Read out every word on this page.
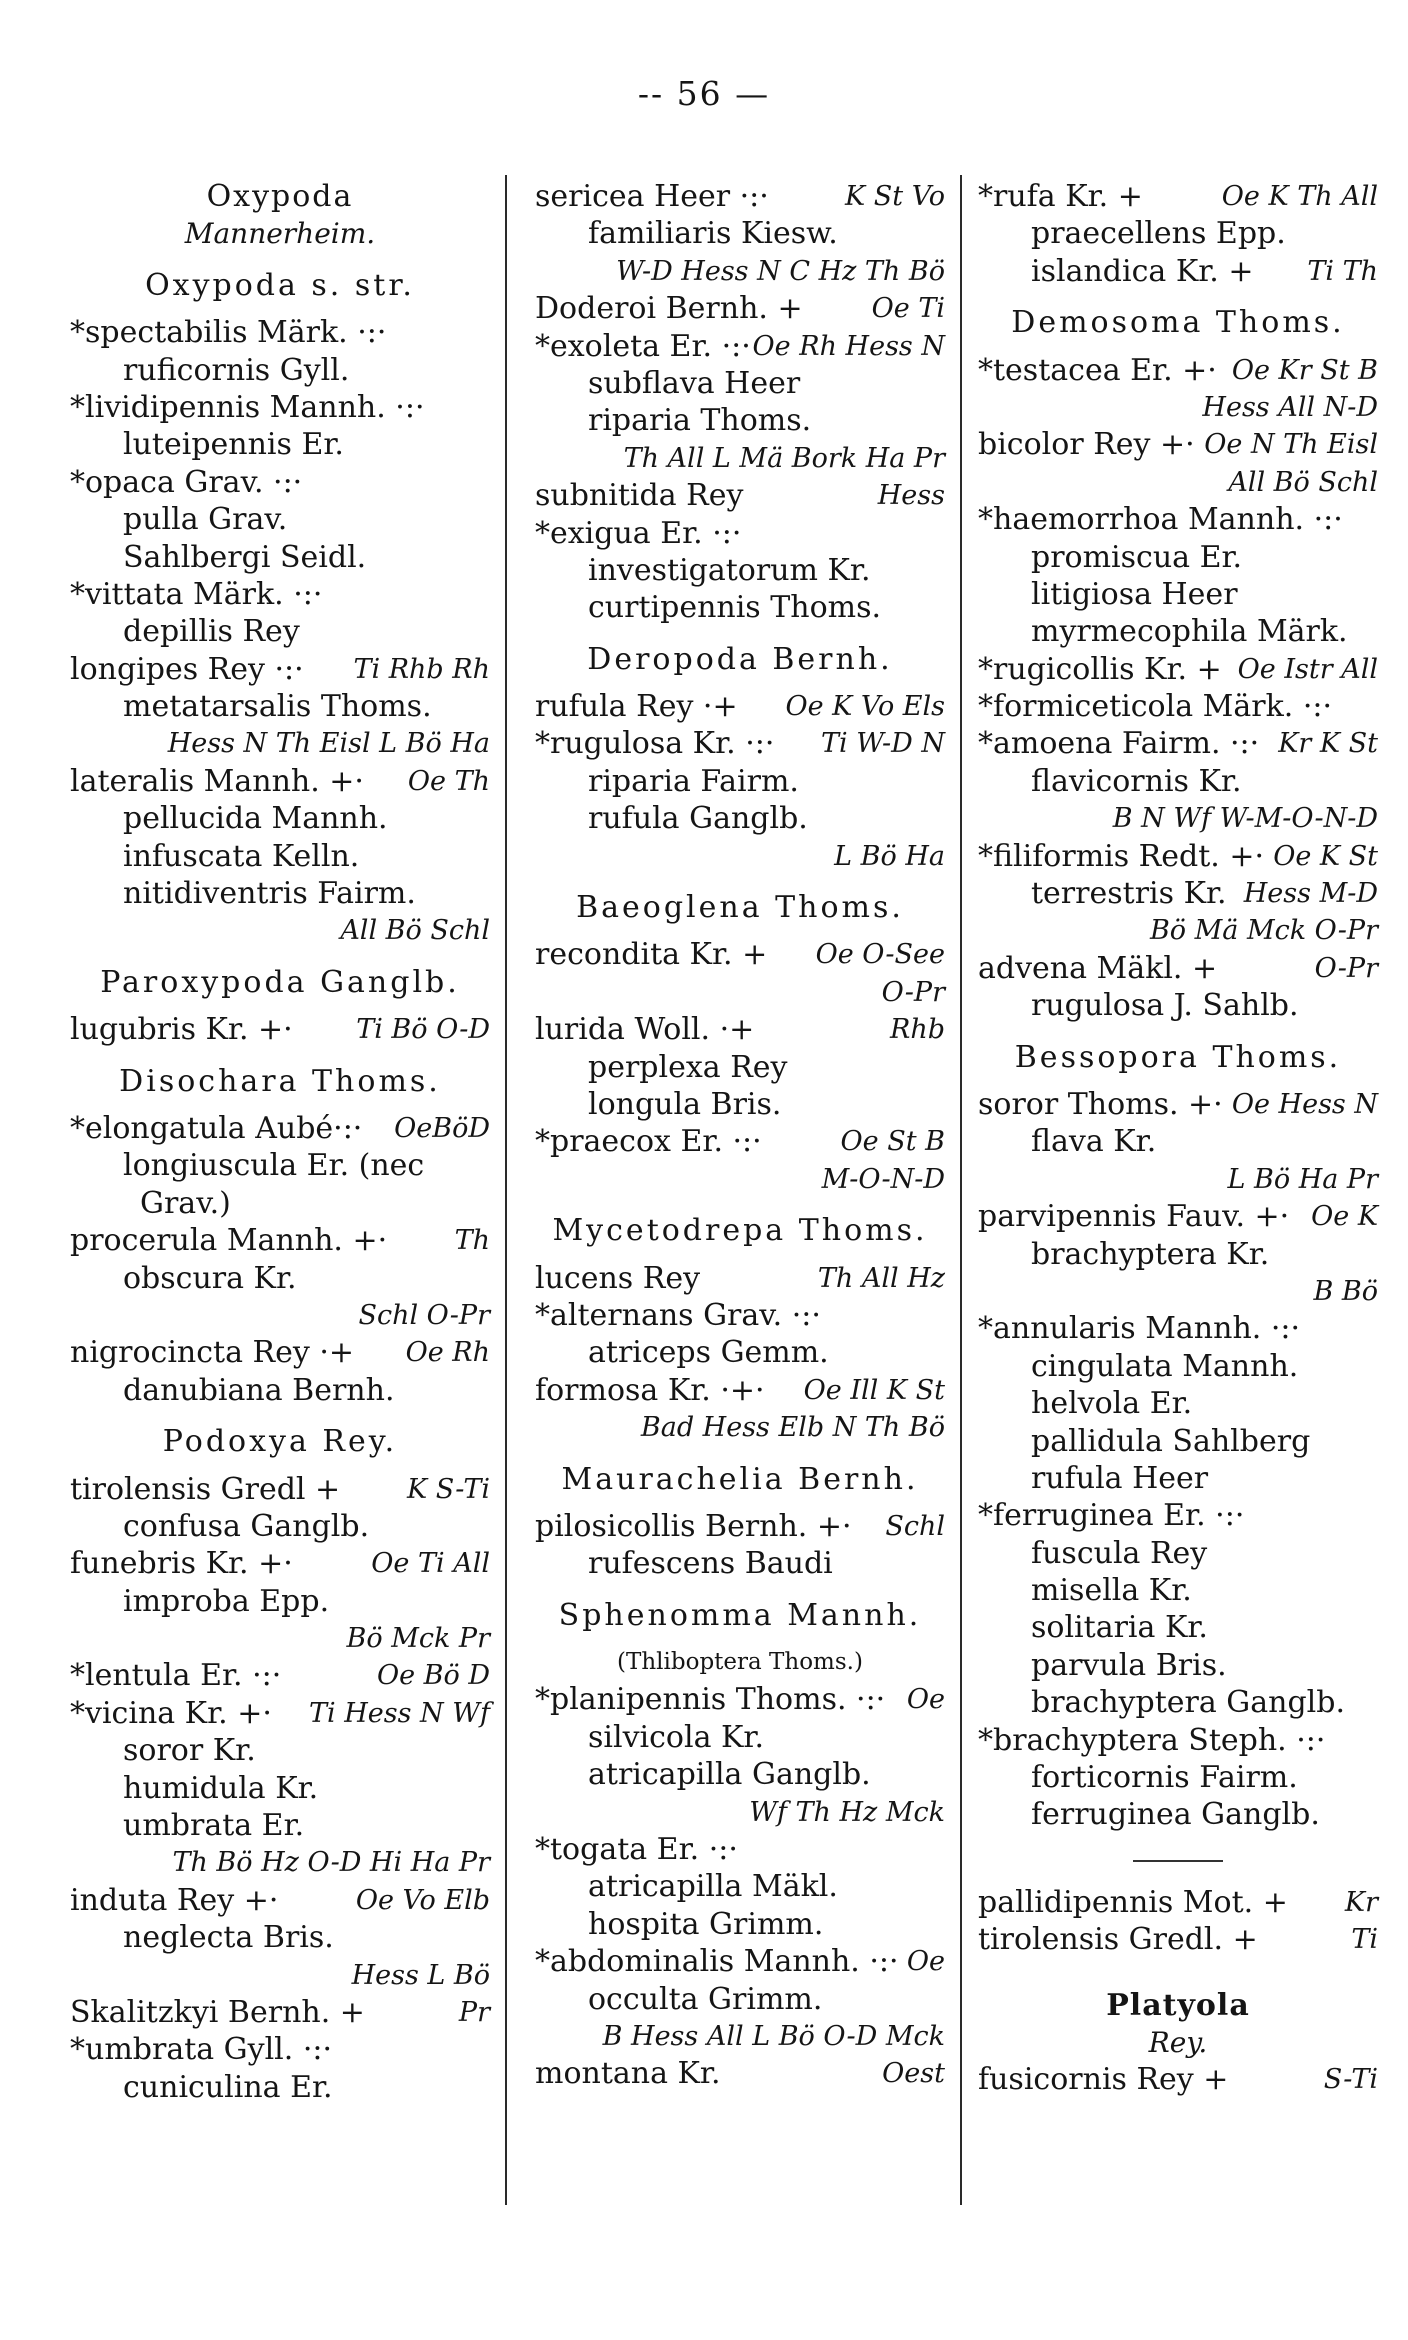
-- 56 —
Oxypoda
Mannerheim.
Oxypoda s. str.
*spectabilis Märk. ·:·
ruficornis Gyll.
*lividipennis Mannh. ·:·
luteipennis Er.
*opaca Grav. ·:·
pulla Grav.
Sahlbergi Seidl.
*vittata Märk. ·:·
depillis Rey
longipes Rey ·:· Ti Rhb Rh
metatarsalis Thoms.
Hess N Th Eisl L Bö Ha
lateralis Mannh. +· Oe Th
pellucida Mannh.
infuscata Kelln.
nitidiventris Fairm.
All Bö Schl
Paroxypoda Ganglb.
lugubris Kr. +· Ti Bö O-D
Disochara Thoms.
*elongatula Aubé·:· OeBöD
longiuscula Er. (nec
Grav.)
procerula Mannh. +· Th
obscura Kr.
Schl O-Pr
nigrocincta Rey ·+ Oe Rh
danubiana Bernh.
Podoxya Rey.
tirolensis Gredl + K S-Ti
confusa Ganglb.
funebris Kr. +·	Oe Ti All
improba Epp.
Bö Mck Pr
*lentula Er. ·:·	Oe Bö D
*vicina Kr. +· Ti Hess N Wf
soror Kr.
humidula Kr.
umbrata Er.
Th Bö Hz O-D Hi Ha Pr
induta Rey +·	Oe Vo Elb
neglecta Bris.
Hess L Bö
Skalitzkyi Bernh. +	Pr
*umbrata Gyll. ·:·
cuniculina Er.
sericea Heer ·:·	K St Vo
familiaris Kiesw.
W-D Hess N C Hz Th Bö
Doderoi Bernh. +	Oe Ti
*exoleta Er. ·:· Oe Rh Hess N
subflava Heer
riparia Thoms.
Th All L Mä Bork Ha Pr
subnitida Rey	Hess
*exigua Er. ·:·
investigatorum Kr.
curtipennis Thoms.
Deropoda Bernh.
rufula Rey ·+ Oe K Vo Els
*rugulosa Kr. ·:· Ti W-D N
riparia Fairm.
rufula Ganglb.
L Bö Ha
Baeoglena Thoms.
recondita Kr. + Oe O-See
O-Pr
lurida Woll. ·+	Rhb
perplexa Rey
longula Bris.
*praecox Er. ·:·	Oe St B
M-O-N-D
Mycetodrepa Thoms.
lucens Rey	Th All Hz
*alternans Grav. ·:·
atriceps Gemm.
formosa Kr. ·+· Oe Ill K St
Bad Hess Elb N Th Bö
Maurachelia Bernh.
pilosicollis Bernh. +· Schl
rufescens Baudi
Sphenomma Mannh.
(Thliboptera Thoms.)
*planipennis Thoms. ·:· Oe
silvicola Kr.
atricapilla Ganglb.
Wf Th Hz Mck
*togata Er. ·:·
atricapilla Mäkl.
hospita Grimm.
*abdominalis Mannh. ·:· Oe
occulta Grimm.
B Hess All L Bö O-D Mck
montana Kr.	Oest
*rufa Kr. +	Oe K Th All
praecellens Epp.
islandica Kr. + Ti Th
Demosoma Thoms.
*testacea Er. +· Oe Kr St B
Hess All N-D
bicolor Rey +· Oe N Th Eisl
All Bö Schl
*haemorrhoa Mannh. ·:·
promiscua Er.
litigiosa Heer
myrmecophila Märk.
*rugicollis Kr. + Oe Istr All
*formiceticola Märk. ·:·
*amoena Fairm. ·:· Kr K St
flavicornis Kr.
B N Wf W-M-O-N-D
*filiformis Redt. +· Oe K St
terrestris Kr. Hess M-D
Bö Mä Mck O-Pr
advena Mäkl. +	O-Pr
rugulosa J. Sahlb.
Bessopora Thoms.
soror Thoms. +· Oe Hess N
flava Kr.
L Bö Ha Pr
parvipennis Fauv. +· Oe K
brachyptera Kr.
B Bö
*annularis Mannh. ·:·
cingulata Mannh.
helvola Er.
pallidula Sahlberg
rufula Heer
*ferruginea Er. ·:·
fuscula Rey
misella Kr.
solitaria Kr.
parvula Bris.
brachyptera Ganglb.
*brachyptera Steph. ·:·
forticornis Fairm.
ferruginea Ganglb.
pallidipennis Mot. + Kr
tirolensis Gredl. +	Ti
Platyola
Rey.
fusicornis Rey +	S-Ti
